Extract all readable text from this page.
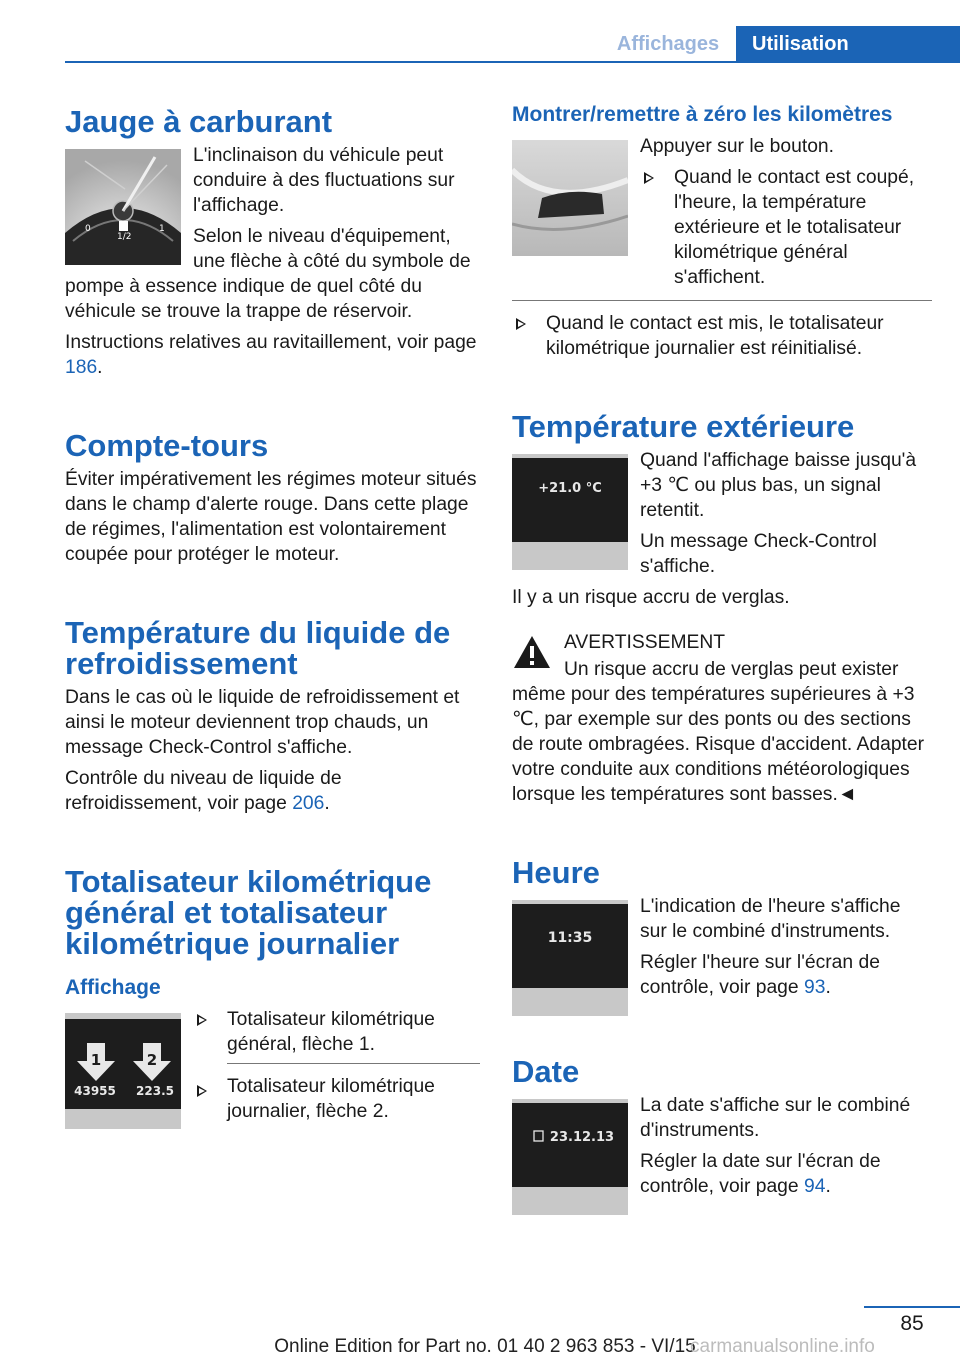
Affichages	Utilisation
Jauge à carburant
0
1/2
1

L'inclinaison du véhicule peut conduire à des fluctuations sur l'affichage.

Selon le niveau d'équipement, une flèche à côté du symbole de pompe à essence indique de quel côté du véhicule se trouve la trappe de réservoir.

Instructions relatives au ravitaillement, voir page 186.

Compte-tours

Éviter impérativement les régimes moteur situés dans le champ d'alerte rouge. Dans cette plage de régimes, l'alimentation est volontairement coupée pour protéger le moteur.

Température du liquide de refroidissement

Dans le cas où le liquide de refroidissement et ainsi le moteur deviennent trop chauds, un message Check-Control s'affiche.

Contrôle du niveau de liquide de refroidissement, voir page 206.

Totalisateur kilométrique général et totalisateur kilométrique journalier
Affichage
1	2
43955 223.5
Totalisateur kilométrique général, flèche 1.
Totalisateur kilométrique journalier, flèche 2.
Montrer/remettre à zéro les kilomètres

Appuyer sur le bouton.

Quand le contact est coupé, l'heure, la température extérieure et le totalisateur kilométrique général s'affichent.
Quand le contact est mis, le totalisateur kilométrique journalier est réinitialisé.
Température extérieure
+21.0 °C

Quand l'affichage baisse jusqu'à +3 ℃ ou plus bas, un signal retentit.

Un message Check-Control s'affiche.

Il y a un risque accru de verglas.

AVERTISSEMENT

Un risque accru de verglas peut exister même pour des températures supérieures à +3 ℃, par exemple sur des ponts ou des sections de route ombragées. Risque d'accident. Adapter votre conduite aux conditions météorologiques lorsque les températures sont basses.◄

Heure
11:35

L'indication de l'heure s'affiche sur le combiné d'instruments.

Régler l'heure sur l'écran de contrôle, voir page 93.

Date
23.12.13

La date s'affiche sur le combiné d'instruments.

Régler la date sur l'écran de contrôle, voir page 94.

85
Online Edition for Part no. 01 40 2 963 853 - VI/15
carmanualsonline.info
